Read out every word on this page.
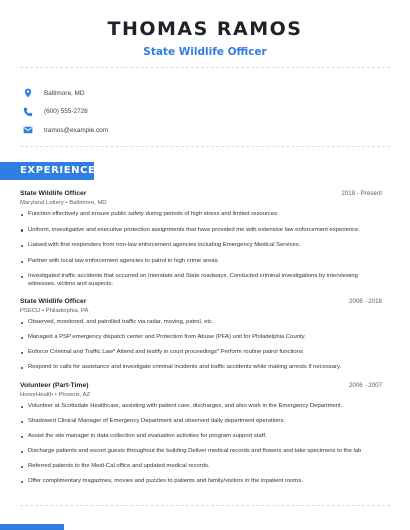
THOMAS RAMOS
State Wildlife Officer
Baltimore, MD
(600) 555-2728
tramos@example.com
EXPERIENCE
State Wildlife Officer	2018 - Present
Maryland Lottery • Baltimore, MD
Function effectively and ensure public safety during periods of high stress and limited resources.
Uniform, investigative and executive protection assignments that have provided me with extensive law enforcement experience.
Liaised with first responders from non-law enforcement agencies including Emergency Medical Services.
Partner with local law enforcement agencies to patrol in high crime areas.
Investigated traffic accidents that occurred on Interstate and State roadways. Conducted criminal investigations by interviewing witnesses, victims and suspects.
State Wildlife Officer	2008 - 2018
PSECU • Philadelphia, PA
Observed, monitored, and patrolled traffic via radar, moving, patrol, etc.
Managed a PSP emergency dispatch center and Protection from Abuse (PFA) unit for Philadelphia County.
Enforce Criminal and Traffic Law* Attend and testify in court proceedings* Perform routine patrol functions
Respond to calls for assistance and investigate criminal incidents and traffic accidents while making arrests if necessary.
Volunteer (Part-Time)	2006 - 2007
HonorHealth • Phoenix, AZ
Volunteer at Scottsdale Healthcare, assisting with patient care, discharges, and also work in the Emergency Department.
Shadowed Clinical Manager of Emergency Department and observed daily department operations.
Assist the site manager in data collection and evaluation activities for program support staff.
Discharge patients and escort guests throughout the building Deliver medical records and flowers and take specimens to the lab
Referred patients to the Medi-Cal office and updated medical records.
Offer complimentary magazines, movies and puzzles to patients and family/visitors in the inpatient rooms.
